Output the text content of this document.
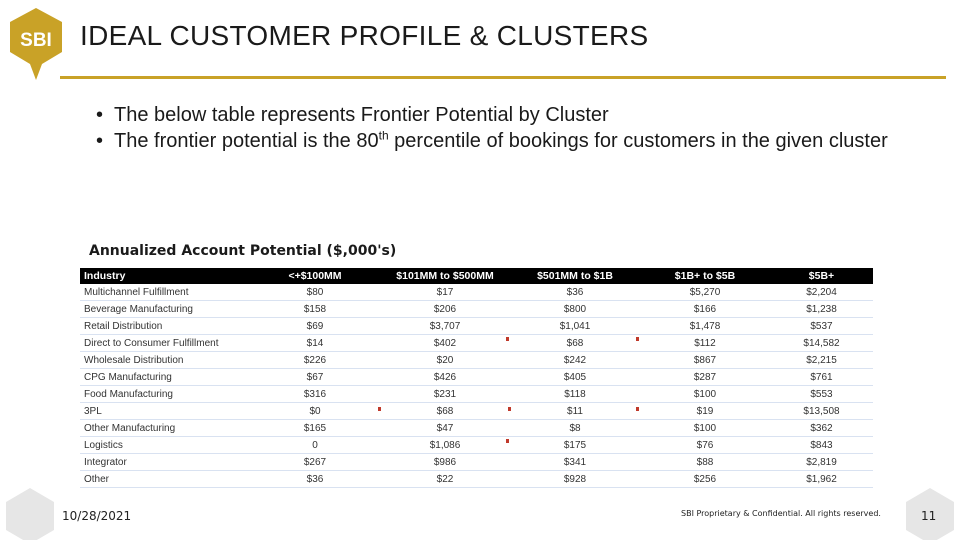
SBI IDEAL CUSTOMER PROFILE & CLUSTERS
• The below table represents Frontier Potential by Cluster
• The frontier potential is the 80th percentile of bookings for customers in the given cluster
Annualized Account Potential ($,000's)
Industry	<+$100MM	$101MM to $500MM	$501MM to $1B	$1B+ to $5B	$5B+
Multichannel Fulfillment	$80	$17	$36	$5,270	$2,204
Beverage Manufacturing	$158	$206	$800	$166	$1,238
Retail Distribution	$69	$3,707	$1,041	$1,478	$537
Direct to Consumer Fulfillment	$14	$402	$68	$112	$14,582
Wholesale Distribution	$226	$20	$242	$867	$2,215
CPG Manufacturing	$67	$426	$405	$287	$761
Food Manufacturing	$316	$231	$118	$100	$553
3PL	$0	$68	$11	$19	$13,508
Other Manufacturing	$165	$47	$8	$100	$362
Logistics	0	$1,086	$175	$76	$843
Integrator	$267	$986	$341	$88	$2,819
Other	$36	$22	$928	$256	$1,962
10/28/2021	SBI Proprietary & Confidential. All rights reserved.	11
